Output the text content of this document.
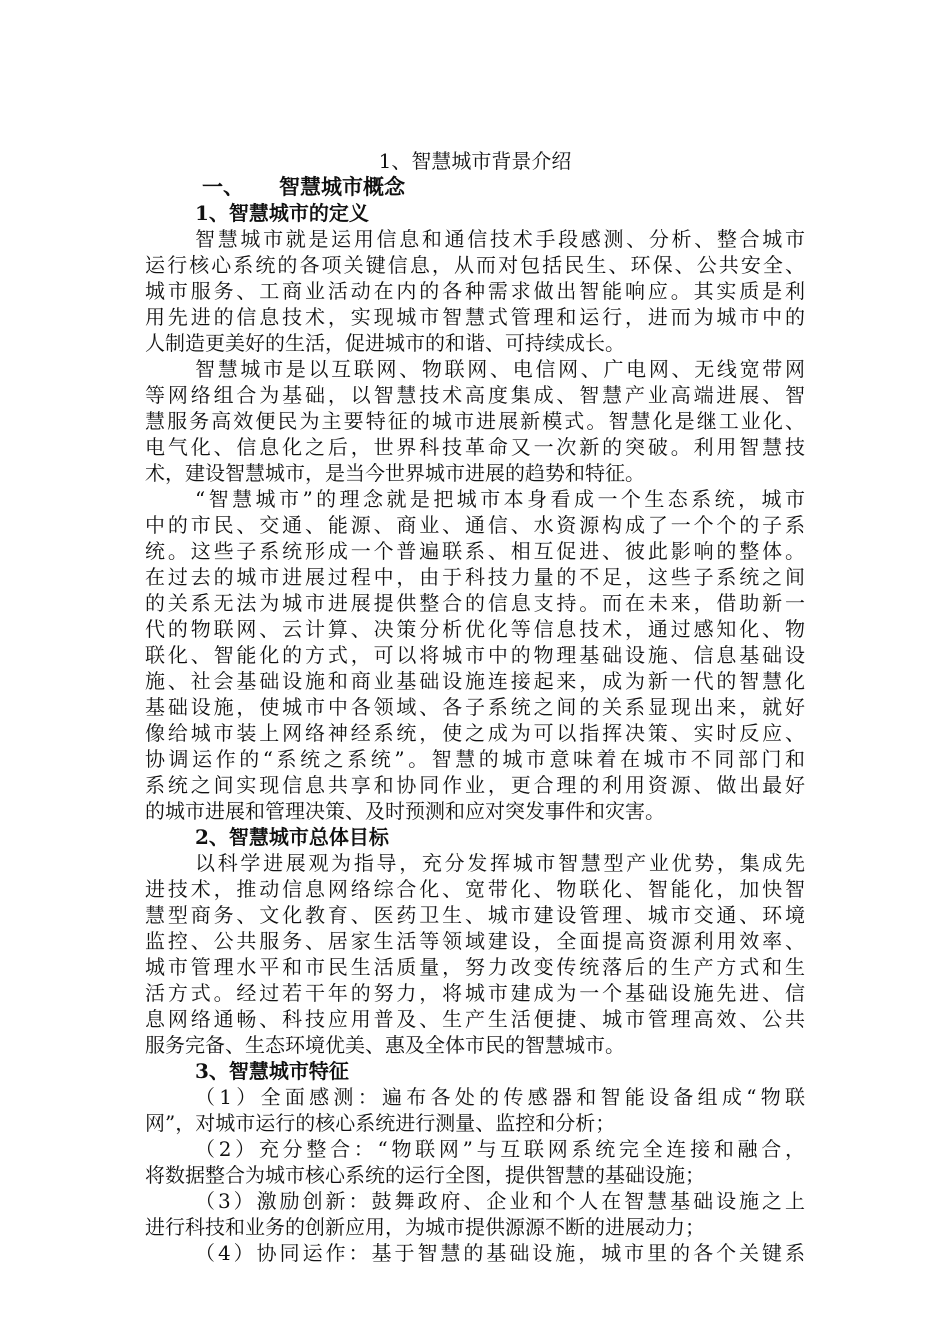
1、智慧城市背景介绍
一、 智慧城市概念
1、智慧城市的定义
智慧城市就是运用信息和通信技术手段感测、分析、整合城市
运行核心系统的各项关键信息，从而对包括民生、环保、公共安全、
城市服务、工商业活动在内的各种需求做出智能响应。其实质是利
用先进的信息技术，实现城市智慧式管理和运行，进而为城市中的
人制造更美好的生活，促进城市的和谐、可持续成长。
智慧城市是以互联网、物联网、电信网、广电网、无线宽带网
等网络组合为基础，以智慧技术高度集成、智慧产业高端进展、智
慧服务高效便民为主要特征的城市进展新模式。智慧化是继工业化、
电气化、信息化之后，世界科技革命又一次新的突破。利用智慧技
术，建设智慧城市，是当今世界城市进展的趋势和特征。
“智慧城市”的理念就是把城市本身看成一个生态系统，城市
中的市民、交通、能源、商业、通信、水资源构成了一个个的子系
统。这些子系统形成一个普遍联系、相互促进、彼此影响的整体。
在过去的城市进展过程中，由于科技力量的不足，这些子系统之间
的关系无法为城市进展提供整合的信息支持。而在未来，借助新一
代的物联网、云计算、决策分析优化等信息技术，通过感知化、物
联化、智能化的方式，可以将城市中的物理基础设施、信息基础设
施、社会基础设施和商业基础设施连接起来，成为新一代的智慧化
基础设施，使城市中各领域、各子系统之间的关系显现出来，就好
像给城市装上网络神经系统，使之成为可以指挥决策、实时反应、
协调运作的“系统之系统”。智慧的城市意味着在城市不同部门和
系统之间实现信息共享和协同作业，更合理的利用资源、做出最好
的城市进展和管理决策、及时预测和应对突发事件和灾害。
2、智慧城市总体目标
以科学进展观为指导，充分发挥城市智慧型产业优势，集成先
进技术，推动信息网络综合化、宽带化、物联化、智能化，加快智
慧型商务、文化教育、医药卫生、城市建设管理、城市交通、环境
监控、公共服务、居家生活等领域建设，全面提高资源利用效率、
城市管理水平和市民生活质量，努力改变传统落后的生产方式和生
活方式。经过若干年的努力，将城市建成为一个基础设施先进、信
息网络通畅、科技应用普及、生产生活便捷、城市管理高效、公共
服务完备、生态环境优美、惠及全体市民的智慧城市。
3、智慧城市特征
（1）全面感测：遍布各处的传感器和智能设备组成“物联
网”，对城市运行的核心系统进行测量、监控和分析；
（2）充分整合：“物联网”与互联网系统完全连接和融合，
将数据整合为城市核心系统的运行全图，提供智慧的基础设施；
（3）激励创新：鼓舞政府、企业和个人在智慧基础设施之上
进行科技和业务的创新应用，为城市提供源源不断的进展动力；
（4）协同运作：基于智慧的基础设施，城市里的各个关键系
